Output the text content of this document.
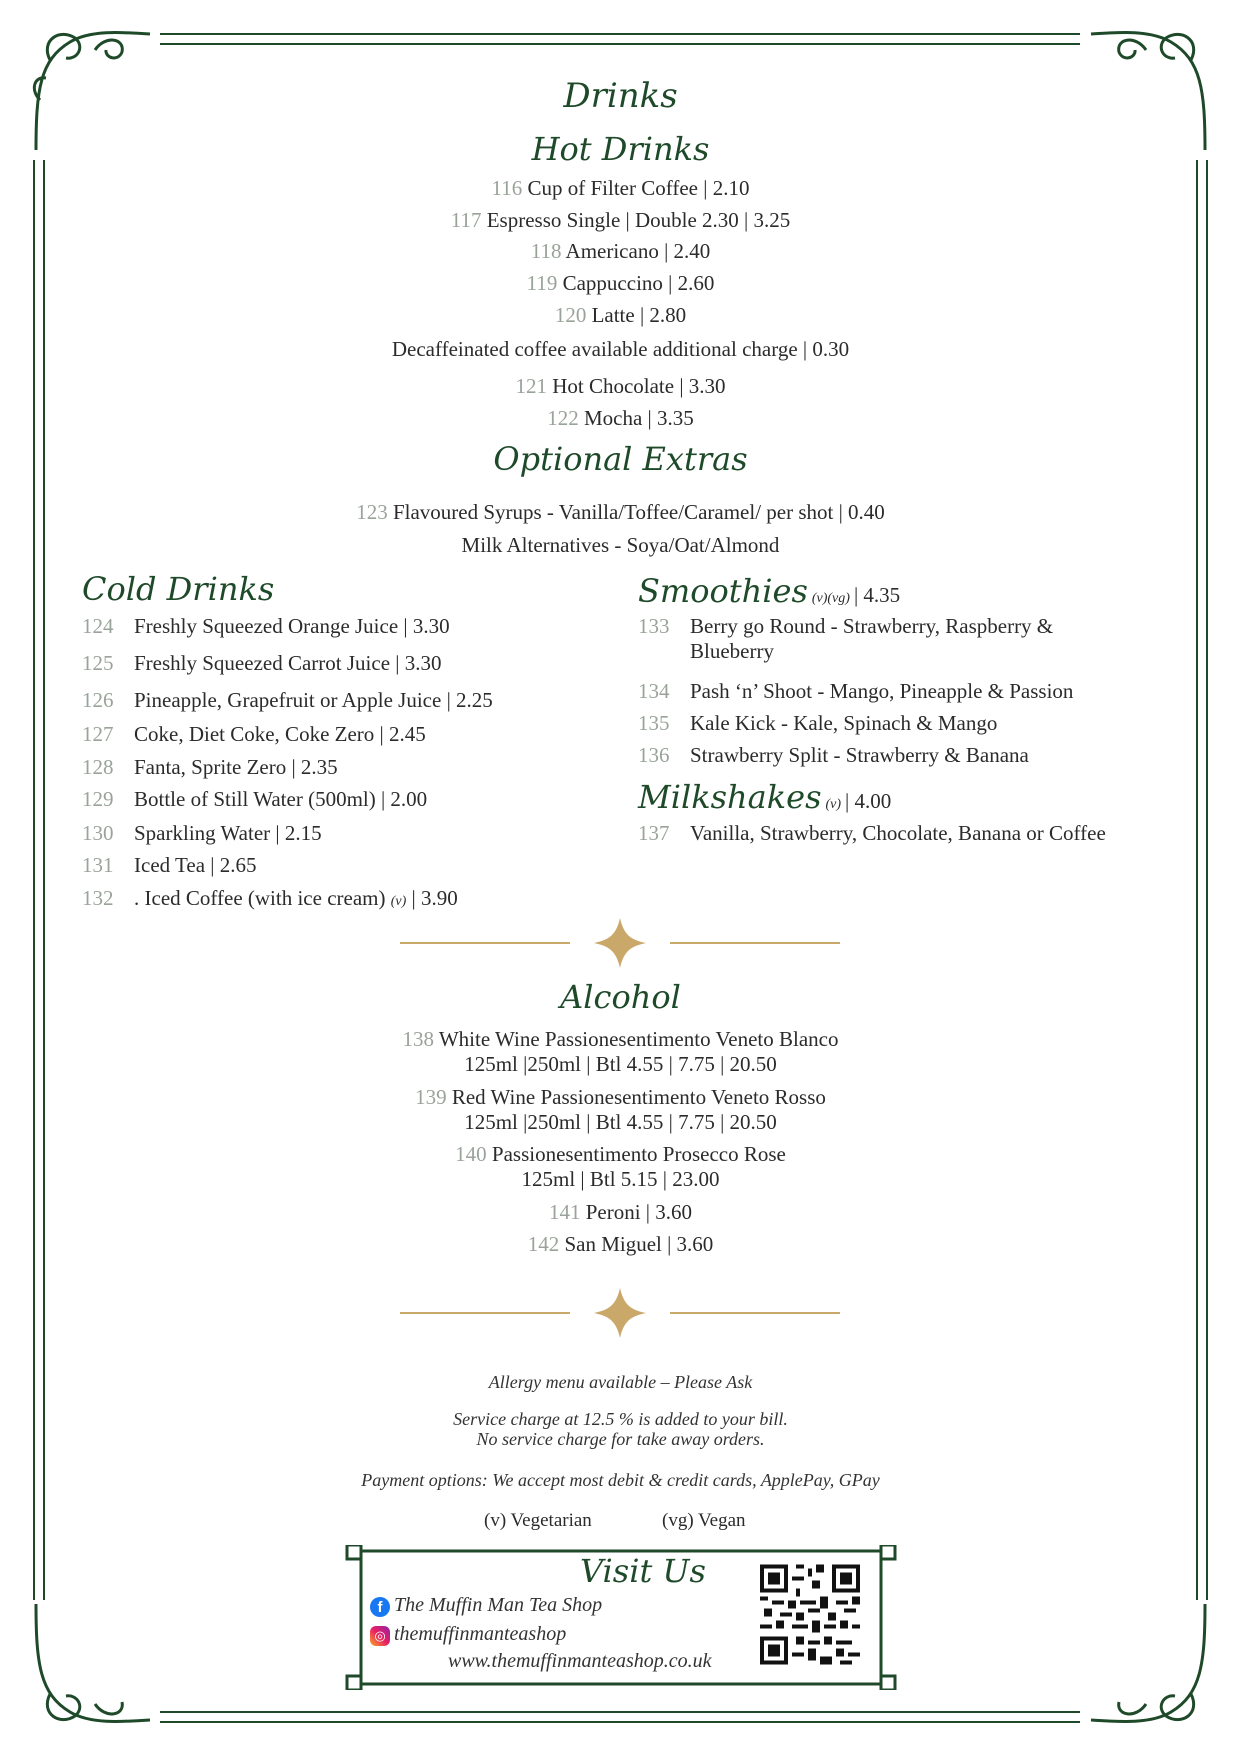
Drinks
Hot Drinks
116 Cup of Filter Coffee | 2.10
117 Espresso Single | Double 2.30 | 3.25
118 Americano | 2.40
119 Cappuccino | 2.60
120 Latte | 2.80
Decaffeinated coffee available additional charge | 0.30
121 Hot Chocolate | 3.30
122 Mocha | 3.35
Optional Extras
123 Flavoured Syrups - Vanilla/Toffee/Caramel/ per shot | 0.40
Milk Alternatives - Soya/Oat/Almond
Cold Drinks
124 Freshly Squeezed Orange Juice | 3.30
125 Freshly Squeezed Carrot Juice | 3.30
126 Pineapple, Grapefruit or Apple Juice | 2.25
127 Coke, Diet Coke, Coke Zero | 2.45
128 Fanta, Sprite Zero | 2.35
129 Bottle of Still Water (500ml) | 2.00
130 Sparkling Water | 2.15
131 Iced Tea | 2.65
132 . Iced Coffee (with ice cream) (v) | 3.90
Smoothies (v)(vg) | 4.35
133 Berry go Round - Strawberry, Raspberry &
Blueberry
134 Pash ‘n’ Shoot - Mango, Pineapple & Passion
135 Kale Kick - Kale, Spinach & Mango
136 Strawberry Split - Strawberry & Banana
Milkshakes (v) | 4.00
137 Vanilla, Strawberry, Chocolate, Banana or Coffee
Alcohol
138 White Wine Passionesentimento Veneto Blanco
125ml |250ml | Btl 4.55 | 7.75 | 20.50
139 Red Wine Passionesentimento Veneto Rosso
125ml |250ml | Btl 4.55 | 7.75 | 20.50
140 Passionesentimento Prosecco Rose
125ml | Btl 5.15 | 23.00
141 Peroni | 3.60
142 San Miguel | 3.60
Allergy menu available – Please Ask
Service charge at 12.5 % is added to your bill.
No service charge for take away orders.
Payment options: We accept most debit & credit cards, ApplePay, GPay
(v) Vegetarian	(vg) Vegan
Visit Us
f The Muffin Man Tea Shop
◎ themuffinmanteashop
www.themuffinmanteashop.co.uk
